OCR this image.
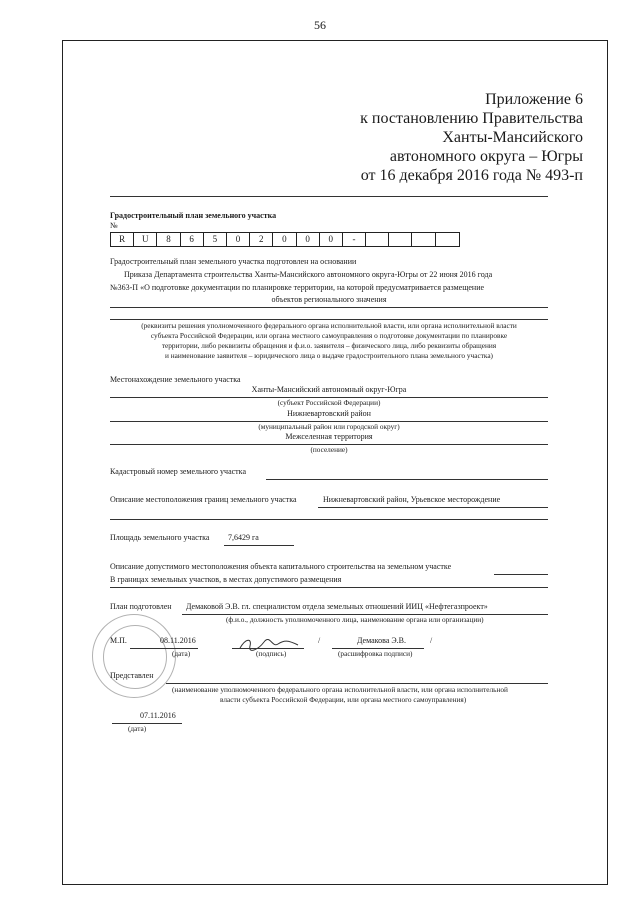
56
Приложение 6
к постановлению Правительства
Ханты-Мансийского
автономного округа – Югры
от 16 декабря 2016 года № 493-п
Градостроительный план земельного участка
№
R	U	8	6	5	0	2	0	0	0	-
Градостроительный план земельного участка подготовлен на основании
Приказа Департамента строительства Ханты-Мансийского автономного округа-Югры от 22 июня 2016 года
№363-П «О подготовке документации по планировке территории, на которой предусматривается размещение
объектов регионального значения
(реквизиты решения уполномоченного федерального органа исполнительной власти, или органа исполнительной власти
субъекта Российской Федерации, или органа местного самоуправления о подготовке документации по планировке
территории, либо реквизиты обращения и ф.и.о. заявителя – физического лица, либо реквизиты обращения
и наименование заявителя – юридического лица о выдаче градостроительного плана земельного участка)
Местонахождение земельного участка
Ханты-Мансийский автономный округ-Югра
(субъект Российской Федерации)
Нижневартовский район
(муниципальный район или городской округ)
Межселенная территория
(поселение)
Кадастровый номер земельного участка
Описание местоположения границ земельного участка	Нижневартовский район, Урьевское месторождение
Площадь земельного участка 7,6429 га
Описание допустимого местоположения объекта капитального строительства на земельном участке
В границах земельных участков, в местах допустимого размещения
План подготовлен Демаковой Э.В. гл. специалистом отдела земельных отношений ИИЦ «Нефтегазпроект»
(ф.и.о., должность уполномоченного лица, наименование органа или организации)
М.П.	08.11.2016
(дата)	(подпись)
/	Демакова Э.В.	/
(расшифровка подписи)
Представлен
(наименование уполномоченного федерального органа исполнительной власти, или органа исполнительной
власти субъекта Российской Федерации, или органа местного самоуправления)
07.11.2016
(дата)
